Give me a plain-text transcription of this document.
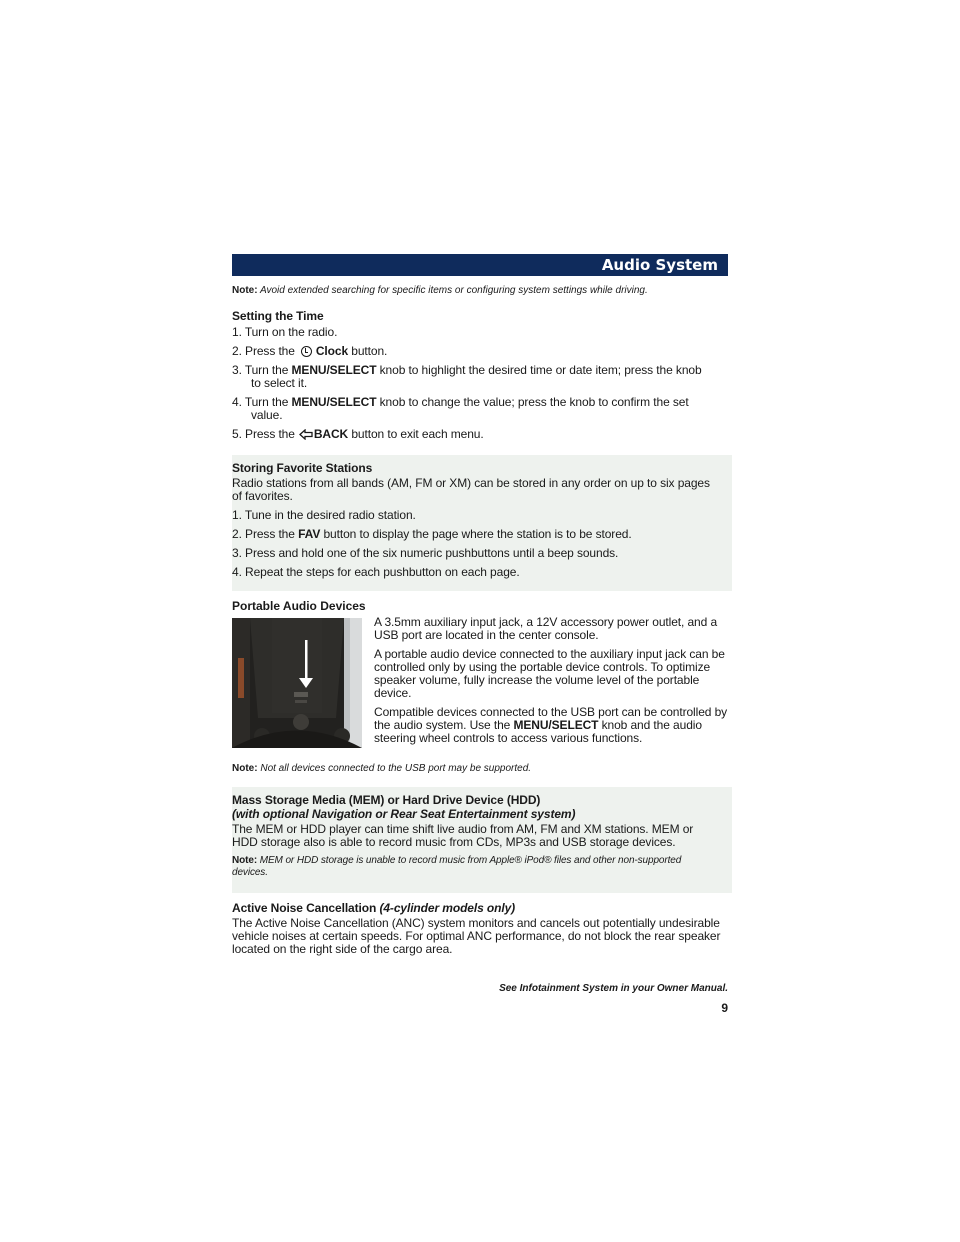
Audio System
Note: Avoid extended searching for specific items or configuring system settings while driving.
Setting the Time
1. Turn on the radio.
2. Press the Clock button.
3. Turn the MENU/SELECT knob to highlight the desired time or date item; press the knob to select it.
4. Turn the MENU/SELECT knob to change the value; press the knob to confirm the set value.
5. Press the BACK button to exit each menu.
Storing Favorite Stations
Radio stations from all bands (AM, FM or XM) can be stored in any order on up to six pages of favorites.
1. Tune in the desired radio station.
2. Press the FAV button to display the page where the station is to be stored.
3. Press and hold one of the six numeric pushbuttons until a beep sounds.
4. Repeat the steps for each pushbutton on each page.
Portable Audio Devices
A 3.5mm auxiliary input jack, a 12V accessory power outlet, and a USB port are located in the center console.
A portable audio device connected to the auxiliary input jack can be controlled only by using the portable device controls. To optimize speaker volume, fully increase the volume level of the portable device.
Compatible devices connected to the USB port can be controlled by the audio system. Use the MENU/SELECT knob and the audio steering wheel controls to access various functions.
Note: Not all devices connected to the USB port may be supported.
Mass Storage Media (MEM) or Hard Drive Device (HDD)
(with optional Navigation or Rear Seat Entertainment system)
The MEM or HDD player can time shift live audio from AM, FM and XM stations. MEM or HDD storage also is able to record music from CDs, MP3s and USB storage devices.
Note: MEM or HDD storage is unable to record music from Apple® iPod® files and other non-supported devices.
Active Noise Cancellation (4-cylinder models only)
The Active Noise Cancellation (ANC) system monitors and cancels out potentially undesirable vehicle noises at certain speeds. For optimal ANC performance, do not block the rear speaker located on the right side of the cargo area.
See Infotainment System in your Owner Manual.
9
